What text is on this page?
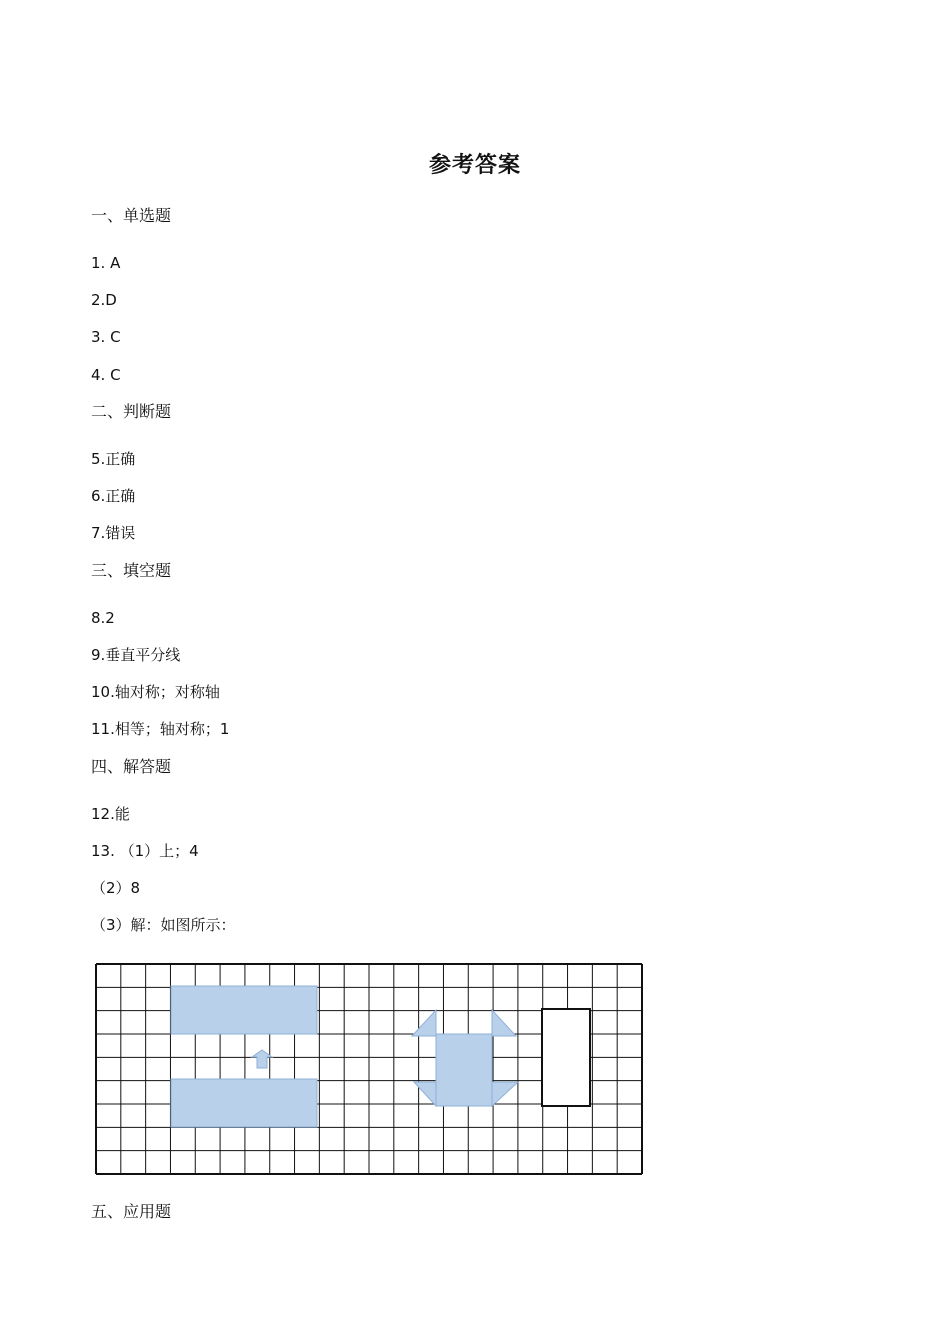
参考答案
一、单选题
1. A
2.D
3. C
4. C
二、判断题
5.正确
6.正确
7.错误
三、填空题
8.2
9.垂直平分线
10.轴对称；对称轴
11.相等；轴对称；1
四、解答题
12.能
13. （1）上；4
（2）8
（3）解：如图所示：
五、应用题
